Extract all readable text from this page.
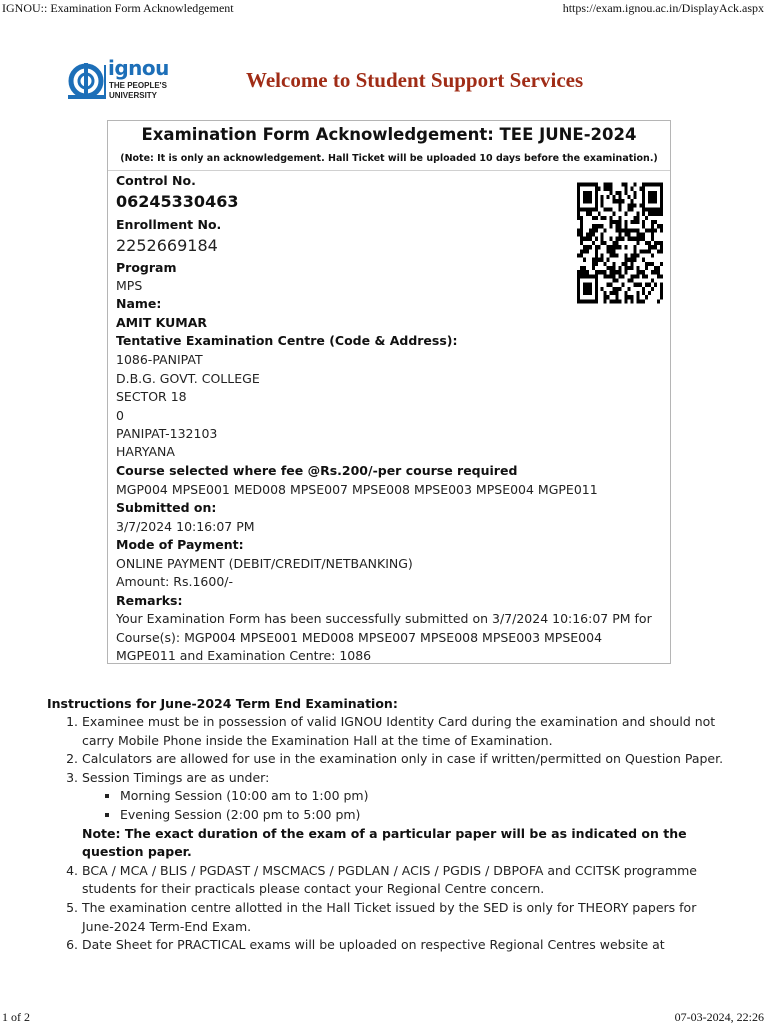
IGNOU:: Examination Form Acknowledgement	https://exam.ignou.ac.in/DisplayAck.aspx
ignou
THE PEOPLE'S
UNIVERSITY
Welcome to Student Support Services
Examination Form Acknowledgement: TEE JUNE-2024
(Note: It is only an acknowledgement. Hall Ticket will be uploaded 10 days before the examination.)
Control No.
06245330463
Enrollment No.
2252669184
Program
MPS
Name:
AMIT KUMAR
Tentative Examination Centre (Code & Address):
1086-PANIPAT
D.B.G. GOVT. COLLEGE
SECTOR 18
0
PANIPAT-132103
HARYANA
Course selected where fee @Rs.200/-per course required
MGP004 MPSE001 MED008 MPSE007 MPSE008 MPSE003 MPSE004 MGPE011
Submitted on:
3/7/2024 10:16:07 PM
Mode of Payment:
ONLINE PAYMENT (DEBIT/CREDIT/NETBANKING)
Amount: Rs.1600/-
Remarks:
Your Examination Form has been successfully submitted on 3/7/2024 10:16:07 PM for
Course(s): MGP004 MPSE001 MED008 MPSE007 MPSE008 MPSE003 MPSE004
MGPE011 and Examination Centre: 1086
Instructions for June-2024 Term End Examination:
1. Examinee must be in possession of valid IGNOU Identity Card during the examination and should not carry Mobile Phone inside the Examination Hall at the time of Examination.
2. Calculators are allowed for use in the examination only in case if written/permitted on Question Paper.
3. Session Timings are as under:
▪ Morning Session (10:00 am to 1:00 pm)
▪ Evening Session (2:00 pm to 5:00 pm)
Note: The exact duration of the exam of a particular paper will be as indicated on the question paper.
4. BCA / MCA / BLIS / PGDAST / MSCMACS / PGDLAN / ACIS / PGDIS / DBPOFA and CCITSK programme students for their practicals please contact your Regional Centre concern.
5. The examination centre allotted in the Hall Ticket issued by the SED is only for THEORY papers for June-2024 Term-End Exam.
6. Date Sheet for PRACTICAL exams will be uploaded on respective Regional Centres website at
1 of 2	07-03-2024, 22:26
